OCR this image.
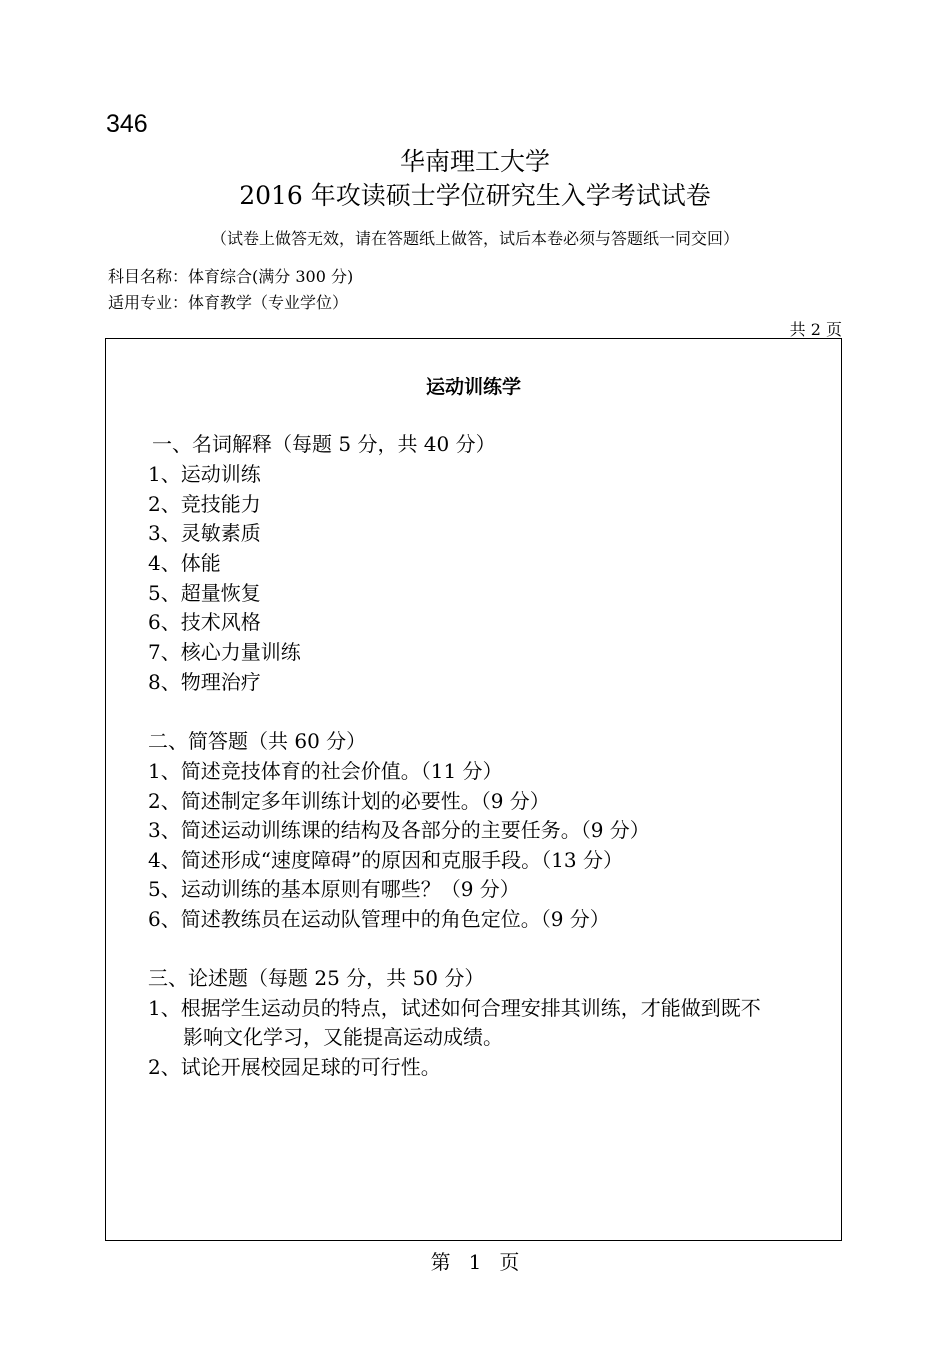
346
华南理工大学
2016 年攻读硕士学位研究生入学考试试卷
（试卷上做答无效，请在答题纸上做答，试后本卷必须与答题纸一同交回）
科目名称：体育综合(满分 300 分)
适用专业：体育教学（专业学位）
共 2 页
运动训练学
一、名词解释（每题 5 分，共 40 分）
1、运动训练
2、竞技能力
3、灵敏素质
4、体能
5、超量恢复
6、技术风格
7、核心力量训练
8、物理治疗
二、简答题（共 60 分）
1、简述竞技体育的社会价值。（11 分）
2、简述制定多年训练计划的必要性。（9 分）
3、简述运动训练课的结构及各部分的主要任务。（9 分）
4、简述形成“速度障碍”的原因和克服手段。（13 分）
5、运动训练的基本原则有哪些？（9 分）
6、简述教练员在运动队管理中的角色定位。（9 分）
三、论述题（每题 25 分，共 50 分）
1、根据学生运动员的特点，试述如何合理安排其训练，才能做到既不
影响文化学习，又能提高运动成绩。
2、试论开展校园足球的可行性。
第 1 页
